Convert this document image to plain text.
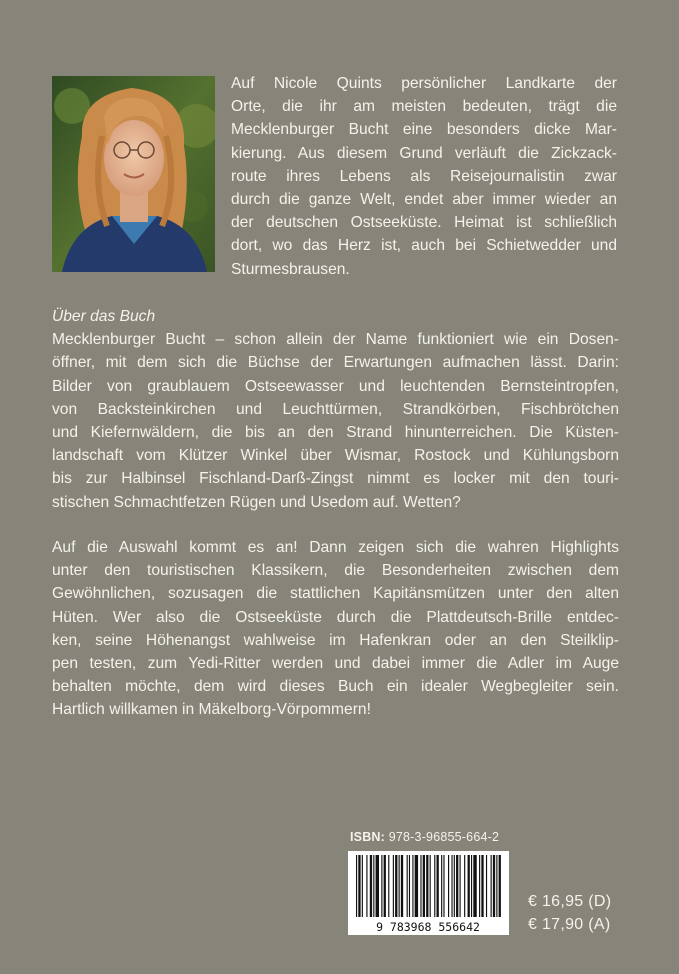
Auf Nicole Quints persönlicher Landkarte der
Orte, die ihr am meisten bedeuten, trägt die
Mecklenburger Bucht eine besonders dicke Mar-
kierung. Aus diesem Grund verläuft die Zickzack-
route ihres Lebens als Reisejournalistin zwar
durch die ganze Welt, endet aber immer wieder an
der deutschen Ostseeküste. Heimat ist schließlich
dort, wo das Herz ist, auch bei Schietwedder und
Sturmesbrausen.
Über das Buch
Mecklenburger Bucht – schon allein der Name funktioniert wie ein Dosen-
öffner, mit dem sich die Büchse der Erwartungen aufmachen lässt. Darin:
Bilder von graublauem Ostseewasser und leuchtenden Bernsteintropfen,
von Backsteinkirchen und Leuchttürmen, Strandkörben, Fischbrötchen
und Kiefernwäldern, die bis an den Strand hinunterreichen. Die Küsten-
landschaft vom Klützer Winkel über Wismar, Rostock und Kühlungsborn
bis zur Halbinsel Fischland-Darß-Zingst nimmt es locker mit den touri-
stischen Schmachtfetzen Rügen und Usedom auf. Wetten?
Auf die Auswahl kommt es an! Dann zeigen sich die wahren Highlights
unter den touristischen Klassikern, die Besonderheiten zwischen dem
Gewöhnlichen, sozusagen die stattlichen Kapitänsmützen unter den alten
Hüten. Wer also die Ostseeküste durch die Plattdeutsch-Brille entdec-
ken, seine Höhenangst wahlweise im Hafenkran oder an den Steilklip-
pen testen, zum Yedi-Ritter werden und dabei immer die Adler im Auge
behalten möchte, dem wird dieses Buch ein idealer Wegbegleiter sein.
Hartlich willkamen in Mäkelborg-Vörpommern!
ISBN: 978-3-96855-664-2
9 783968 556642
€ 16,95 (D)
€ 17,90 (A)
